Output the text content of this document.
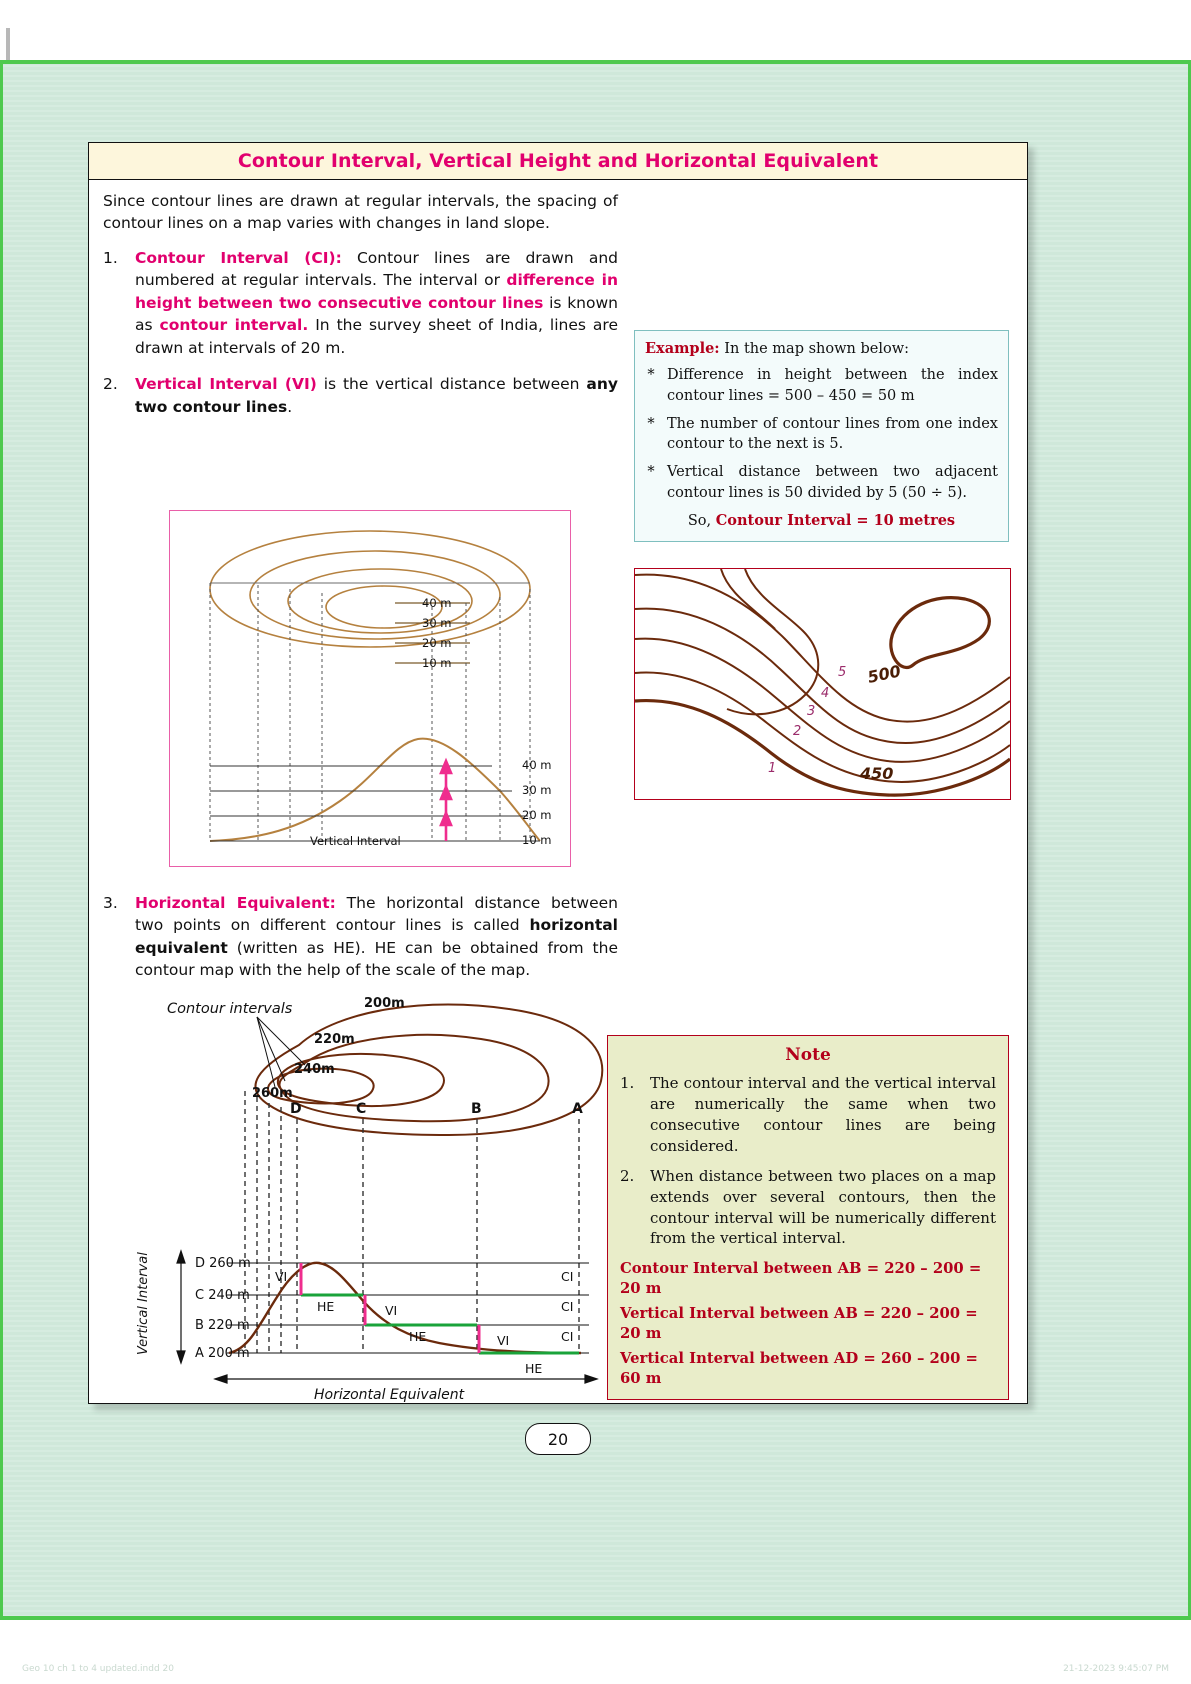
Contour Interval, Vertical Height and Horizontal Equivalent
Since contour lines are drawn at regular intervals, the spacing of contour lines on a map varies with changes in land slope.
1. Contour Interval (CI): Contour lines are drawn and numbered at regular intervals. The interval or difference in height between two consecutive contour lines is known as contour interval. In the survey sheet of India, lines are drawn at intervals of 20 m.
2. Vertical Interval (VI) is the vertical distance between any two contour lines.
Example: In the map shown below:
* Difference in height between the index contour lines = 500 – 450 = 50 m
* The number of contour lines from one index contour to the next is 5.
* Vertical distance between two adjacent contour lines is 50 divided by 5 (50 ÷ 5).
So, Contour Interval = 10 metres
500
450
5
4
3
2
1
40 m
30 m
20 m
10 m
40 m
30 m
20 m
10 m
Vertical Interval
3. Horizontal Equivalent: The horizontal distance between two points on different contour lines is called horizontal equivalent (written as HE). HE can be obtained from the contour map with the help of the scale of the map.
Contour intervals	200m
220m
240m
260m
A
B
C
D
Vertical Interval	D 260 m
C 240 m
B 220 m
A 200 m
VI
HE	VI
HE	VI
HE
CI
CI
CI
Horizontal Equivalent
Note
1. The contour interval and the vertical interval are numerically the same when two consecutive contour lines are being considered.
2. When distance between two places on a map extends over several contours, then the contour interval will be numerically different from the vertical interval.
Contour Interval between AB = 220 – 200 = 20 m
Vertical Interval between AB = 220 – 200 = 20 m
Vertical Interval between AD = 260 – 200 = 60 m
20
Geo 10 ch 1 to 4 updated.indd 20	21-12-2023 9:45:07 PM
